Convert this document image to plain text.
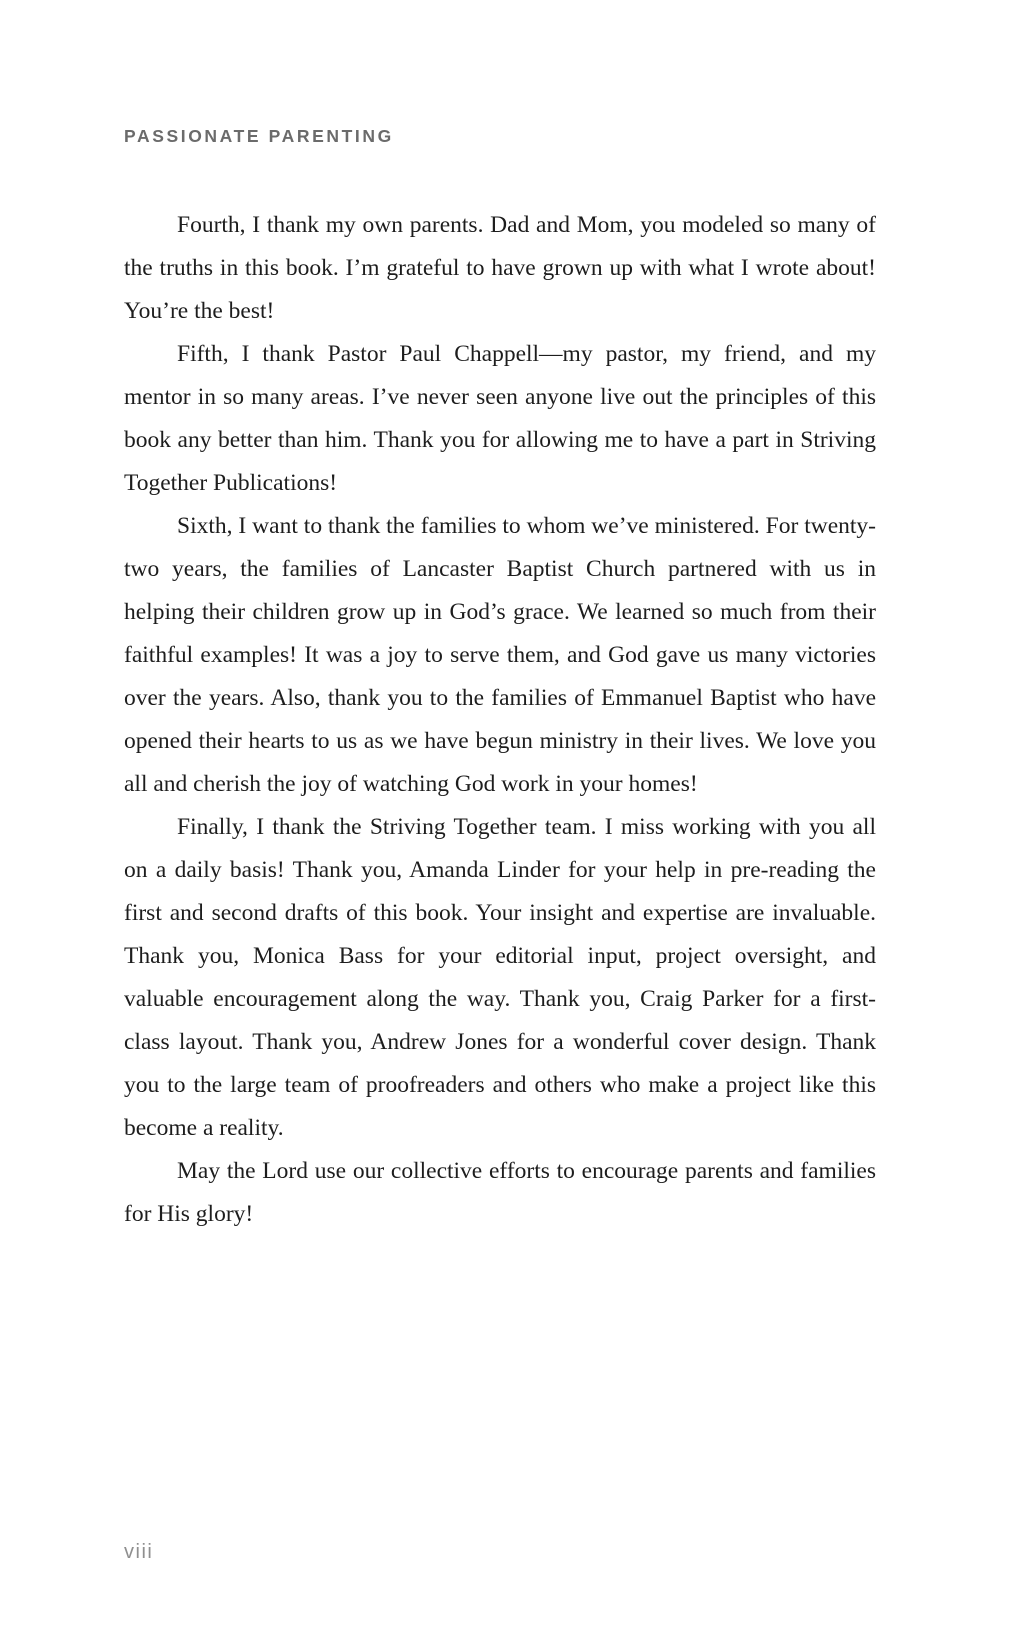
PASSIONATE PARENTING

Fourth, I thank my own parents. Dad and Mom, you modeled so many of the truths in this book. I’m grateful to have grown up with what I wrote about! You’re the best!

Fifth, I thank Pastor Paul Chappell—my pastor, my friend, and my mentor in so many areas. I’ve never seen anyone live out the principles of this book any better than him. Thank you for allowing me to have a part in Striving Together Publications!

Sixth, I want to thank the families to whom we’ve ministered. For twenty-two years, the families of Lancaster Baptist Church partnered with us in helping their children grow up in God’s grace. We learned so much from their faithful examples! It was a joy to serve them, and God gave us many victories over the years. Also, thank you to the families of Emmanuel Baptist who have opened their hearts to us as we have begun ministry in their lives. We love you all and cherish the joy of watching God work in your homes!

Finally, I thank the Striving Together team. I miss working with you all on a daily basis! Thank you, Amanda Linder for your help in pre-reading the first and second drafts of this book. Your insight and expertise are invaluable. Thank you, Monica Bass for your editorial input, project oversight, and valuable encouragement along the way. Thank you, Craig Parker for a first-class layout. Thank you, Andrew Jones for a wonderful cover design. Thank you to the large team of proofreaders and others who make a project like this become a reality.

May the Lord use our collective efforts to encourage parents and families for His glory!

viii
